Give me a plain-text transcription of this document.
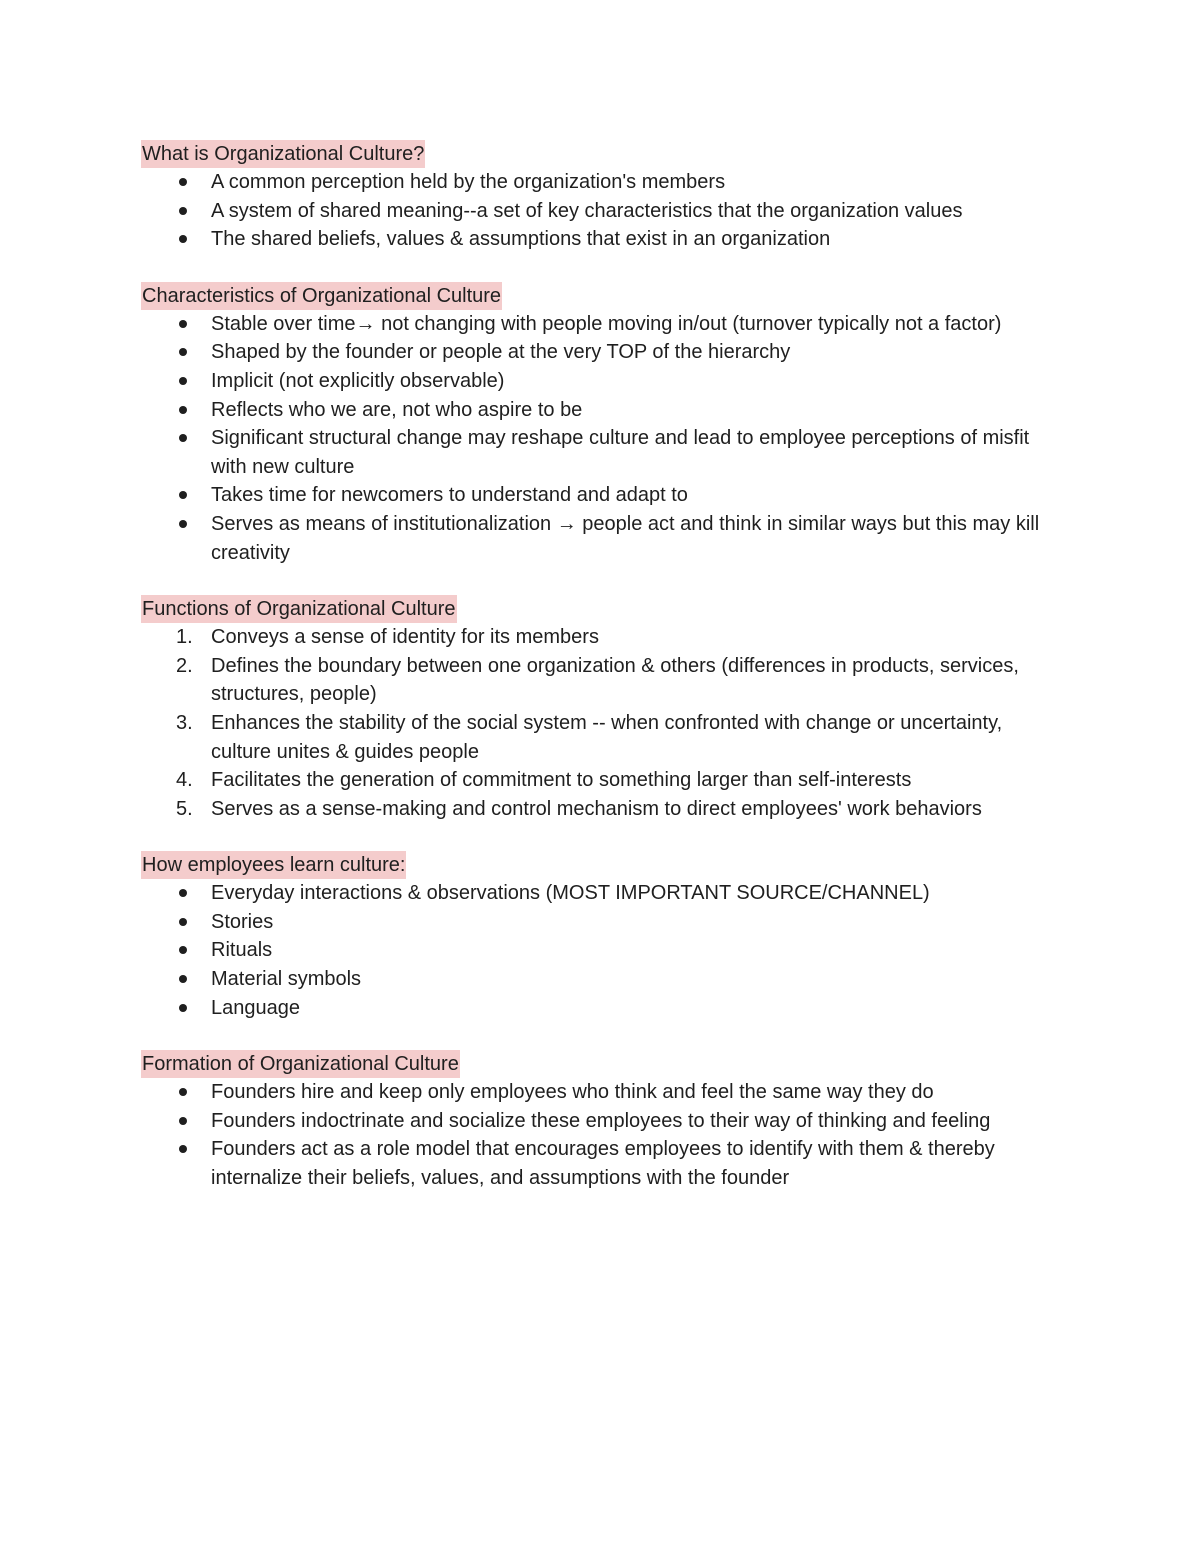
What is Organizational Culture?
A common perception held by the organization's members
A system of shared meaning--a set of key characteristics that the organization values
The shared beliefs, values & assumptions that exist in an organization
Characteristics of Organizational Culture
Stable over time→ not changing with people moving in/out (turnover typically not a factor)
Shaped by the founder or people at the very TOP of the hierarchy
Implicit (not explicitly observable)
Reflects who we are, not who aspire to be
Significant structural change may reshape culture and lead to employee perceptions of misfit with new culture
Takes time for newcomers to understand and adapt to
Serves as means of institutionalization → people act and think in similar ways but this may kill creativity
Functions of Organizational Culture
1. Conveys a sense of identity for its members
2. Defines the boundary between one organization & others (differences in products, services, structures, people)
3. Enhances the stability of the social system -- when confronted with change or uncertainty, culture unites & guides people
4. Facilitates the generation of commitment to something larger than self-interests
5. Serves as a sense-making and control mechanism to direct employees' work behaviors
How employees learn culture:
Everyday interactions & observations (MOST IMPORTANT SOURCE/CHANNEL)
Stories
Rituals
Material symbols
Language
Formation of Organizational Culture
Founders hire and keep only employees who think and feel the same way they do
Founders indoctrinate and socialize these employees to their way of thinking and feeling
Founders act as a role model that encourages employees to identify with them & thereby internalize their beliefs, values, and assumptions with the founder
